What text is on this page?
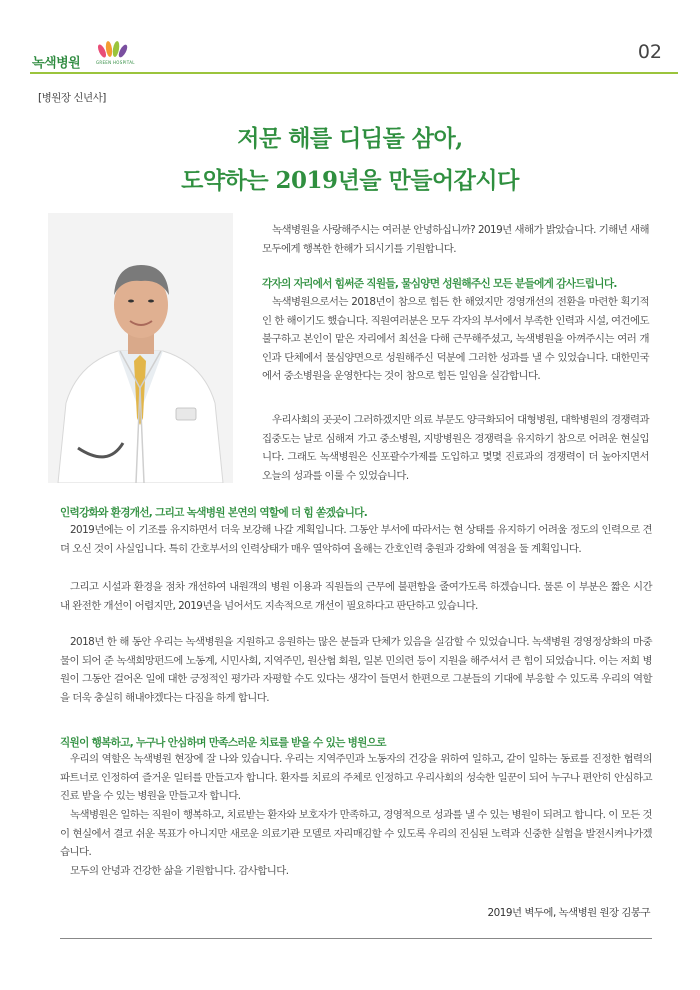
녹색병원	GREEN HOSPITAL	02
[병원장 신년사]
저문 해를 디딤돌 삼아,
도약하는 2019년을 만들어갑시다
녹색병원을 사랑해주시는 여러분 안녕하십니까? 2019년 새해가 밝았습니다. 기해년 새해 모두에게 행복한 한해가 되시기를 기원합니다.
각자의 자리에서 힘써준 직원들, 물심양면 성원해주신 모든 분들에게 감사드립니다.
녹색병원으로서는 2018년이 참으로 힘든 한 해였지만 경영개선의 전환을 마련한 획기적인 한 해이기도 했습니다. 직원여러분은 모두 각자의 부서에서 부족한 인력과 시설, 여건에도 불구하고 본인이 맡은 자리에서 최선을 다해 근무해주셨고, 녹색병원을 아껴주시는 여러 개인과 단체에서 물심양면으로 성원해주신 덕분에 그러한 성과를 낼 수 있었습니다. 대한민국에서 중소병원을 운영한다는 것이 참으로 힘든 일임을 실감합니다.
우리사회의 곳곳이 그러하겠지만 의료 부문도 양극화되어 대형병원, 대학병원의 경쟁력과 집중도는 날로 심해져 가고 중소병원, 지방병원은 경쟁력을 유지하기 참으로 어려운 현실입니다. 그래도 녹색병원은 신포괄수가제를 도입하고 몇몇 진료과의 경쟁력이 더 높아지면서 오늘의 성과를 이룰 수 있었습니다.
인력강화와 환경개선, 그리고 녹색병원 본연의 역할에 더 힘 쏟겠습니다.
2019년에는 이 기조를 유지하면서 더욱 보강해 나갈 계획입니다. 그동안 부서에 따라서는 현 상태를 유지하기 어려울 정도의 인력으로 견뎌 오신 것이 사실입니다. 특히 간호부서의 인력상태가 매우 열악하여 올해는 간호인력 충원과 강화에 역점을 둘 계획입니다.
그리고 시설과 환경을 점차 개선하여 내원객의 병원 이용과 직원들의 근무에 불편함을 줄여가도록 하겠습니다. 물론 이 부분은 짧은 시간 내 완전한 개선이 어렵지만, 2019년을 넘어서도 지속적으로 개선이 필요하다고 판단하고 있습니다.
2018년 한 해 동안 우리는 녹색병원을 지원하고 응원하는 많은 분들과 단체가 있음을 실감할 수 있었습니다. 녹색병원 경영정상화의 마중물이 되어 준 녹색희망펀드에 노동계, 시민사회, 지역주민, 원산협 회원, 일본 민의련 등이 지원을 해주셔서 큰 힘이 되었습니다. 이는 저희 병원이 그동안 걸어온 일에 대한 긍정적인 평가라 자평할 수도 있다는 생각이 들면서 한편으로 그분들의 기대에 부응할 수 있도록 우리의 역할을 더욱 충실히 해내야겠다는 다짐을 하게 합니다.
직원이 행복하고, 누구나 안심하며 만족스러운 치료를 받을 수 있는 병원으로
우리의 역할은 녹색병원 현장에 잘 나와 있습니다. 우리는 지역주민과 노동자의 건강을 위하여 일하고, 같이 일하는 동료를 진정한 협력의 파트너로 인정하여 즐거운 일터를 만들고자 합니다. 환자를 치료의 주체로 인정하고 우리사회의 성숙한 일꾼이 되어 누구나 편안히 안심하고 진료 받을 수 있는 병원을 만들고자 합니다.
녹색병원은 일하는 직원이 행복하고, 치료받는 환자와 보호자가 만족하고, 경영적으로 성과를 낼 수 있는 병원이 되려고 합니다. 이 모든 것이 현실에서 결코 쉬운 목표가 아니지만 새로운 의료기관 모델로 자리매김할 수 있도록 우리의 진심된 노력과 신중한 실험을 발전시켜나가겠습니다.
모두의 안녕과 건강한 삶을 기원합니다. 감사합니다.
2019년 벽두에, 녹색병원 원장 김봉구
